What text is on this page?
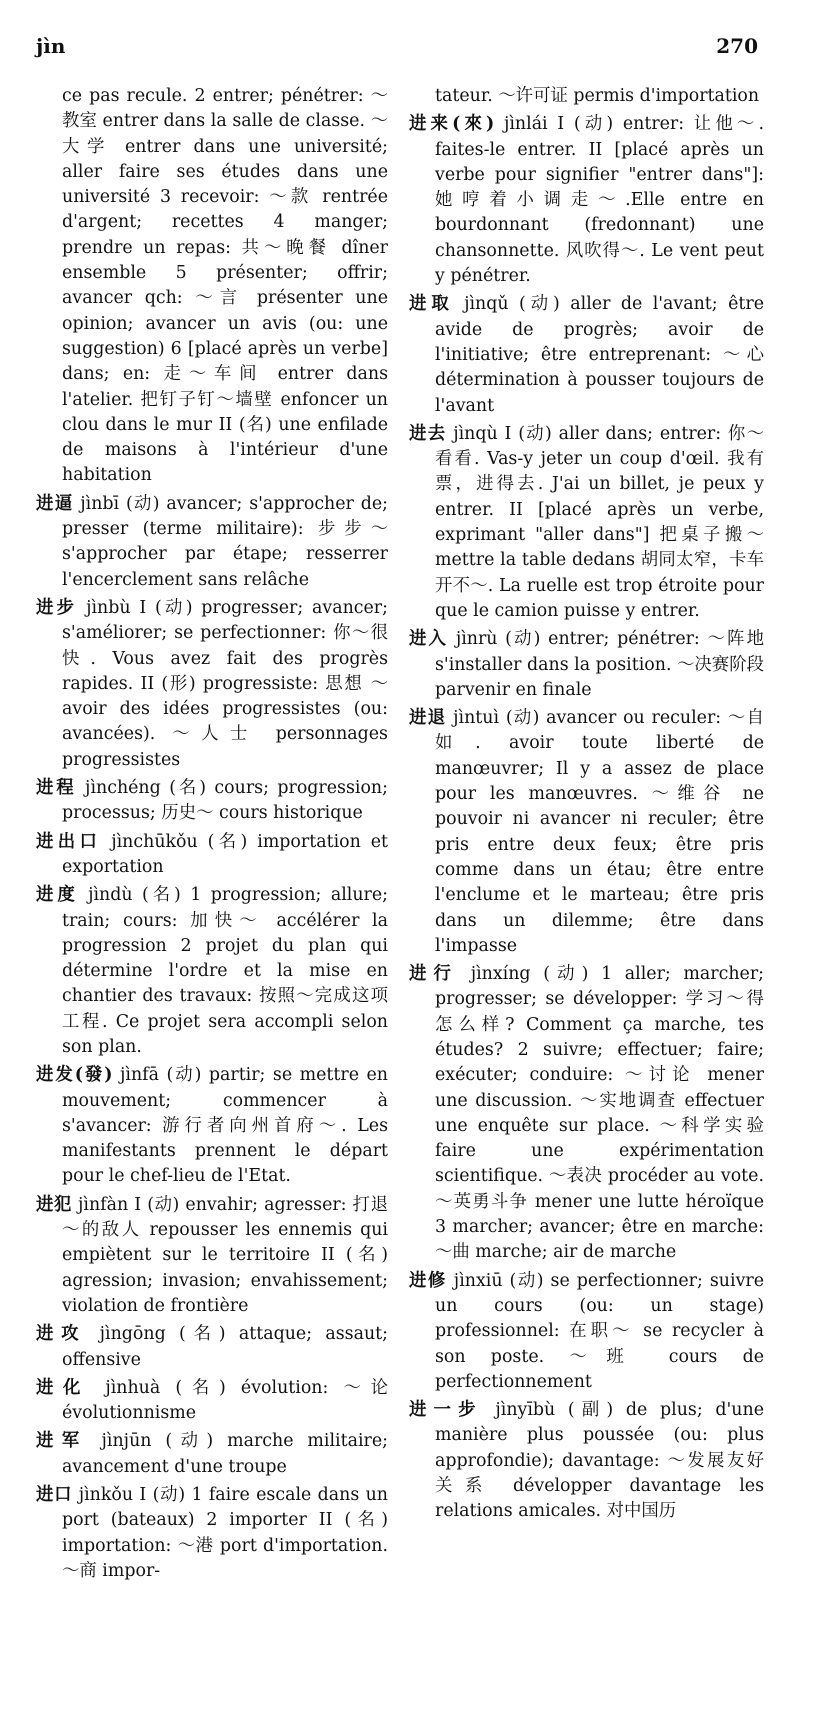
jìn	270

ce pas recule. 2 entrer; pénétrer: ～教室 entrer dans la salle de classe. ～大学 entrer dans une université; aller faire ses études dans une université 3 recevoir: ～款 rentrée d'argent; recettes 4 manger; prendre un repas: 共～晚餐 dîner ensemble 5 présenter; offrir; avancer qch: ～言 présenter une opinion; avancer un avis (ou: une suggestion) 6 [placé après un verbe] dans; en: 走～车间 entrer dans l'atelier. 把钉子钉～墙壁 enfoncer un clou dans le mur II (名) une enfilade de maisons à l'intérieur d'une habitation

进逼 jìnbī (动) avancer; s'approcher de; presser (terme militaire): 步步～ s'approcher par étape; resserrer l'encerclement sans relâche

进步 jìnbù I (动) progresser; avancer; s'améliorer; se perfectionner: 你～很快. Vous avez fait des progrès rapides. II (形) progressiste: 思想 ～ avoir des idées progressistes (ou: avancées). ～人士 personnages progressistes

进程 jìnchéng (名) cours; progression; processus; 历史～ cours historique

进出口 jìnchūkǒu (名) importation et exportation

进度 jìndù (名) 1 progression; allure; train; cours: 加快～ accélérer la progression 2 projet du plan qui détermine l'ordre et la mise en chantier des travaux: 按照～完成这项工程. Ce projet sera accompli selon son plan.

进发(發) jìnfā (动) partir; se mettre en mouvement; commencer à s'avancer: 游行者向州首府～. Les manifestants prennent le départ pour le chef-lieu de l'Etat.

进犯 jìnfàn I (动) envahir; agresser: 打退～的敌人 repousser les ennemis qui empiètent sur le territoire II (名) agression; invasion; envahissement; violation de frontière

进攻 jìngōng (名) attaque; assaut; offensive

进化 jìnhuà (名) évolution: ～论 évolutionnisme

进军 jìnjūn (动) marche militaire; avancement d'une troupe

进口 jìnkǒu I (动) 1 faire escale dans un port (bateaux) 2 importer II (名) importation: ～港 port d'importation. ～商 impor-

tateur. ～许可证 permis d'importation

进来(來) jìnlái I (动) entrer: 让他～. faites-le entrer. II [placé après un verbe pour signifier "entrer dans"]: 她哼着小调走～.Elle entre en bourdonnant (fredonnant) une chansonnette. 风吹得～. Le vent peut y pénétrer.

进取 jìnqǔ (动) aller de l'avant; être avide de progrès; avoir de l'initiative; être entreprenant: ～心 détermination à pousser toujours de l'avant

进去 jìnqù I (动) aller dans; entrer: 你～看看. Vas-y jeter un coup d'œil. 我有票，进得去. J'ai un billet, je peux y entrer. II [placé après un verbe, exprimant "aller dans"] 把桌子搬～ mettre la table dedans 胡同太窄，卡车开不～. La ruelle est trop étroite pour que le camion puisse y entrer.

进入 jìnrù (动) entrer; pénétrer: ～阵地 s'installer dans la position. ～决赛阶段 parvenir en finale

进退 jìntuì (动) avancer ou reculer: ～自如. avoir toute liberté de manœuvrer; Il y a assez de place pour les manœuvres. ～维谷 ne pouvoir ni avancer ni reculer; être pris entre deux feux; être pris comme dans un étau; être entre l'enclume et le marteau; être pris dans un dilemme; être dans l'impasse

进行 jìnxíng (动) 1 aller; marcher; progresser; se développer: 学习～得怎么样? Comment ça marche, tes études? 2 suivre; effectuer; faire; exécuter; conduire: ～讨论 mener une discussion. ～实地调查 effectuer une enquête sur place. ～科学实验 faire une expérimentation scientifique. ～表决 procéder au vote. ～英勇斗争 mener une lutte héroïque 3 marcher; avancer; être en marche: ～曲 marche; air de marche

进修 jìnxiū (动) se perfectionner; suivre un cours (ou: un stage) professionnel: 在职～ se recycler à son poste. ～班 cours de perfectionnement

进一步 jìnyībù (副) de plus; d'une manière plus poussée (ou: plus approfondie); davantage: ～发展友好关系 développer davantage les relations amicales. 对中国历
